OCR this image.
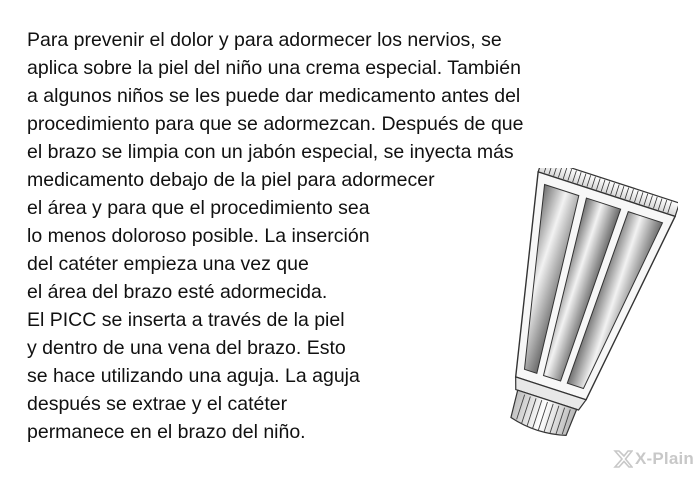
Para prevenir el dolor y para adormecer los nervios, se
aplica sobre la piel del niño una crema especial. También
a algunos niños se les puede dar medicamento antes del
procedimiento para que se adormezcan. Después de que
el brazo se limpia con un jabón especial, se inyecta más
medicamento debajo de la piel para adormecer
el área y para que el procedimiento sea
lo menos doloroso posible. La inserción
del catéter empieza una vez que
el área del brazo esté adormecida.
El PICC se inserta a través de la piel
y dentro de una vena del brazo. Esto
se hace utilizando una aguja. La aguja
después se extrae y el catéter
permanece en el brazo del niño.
X-Plain
